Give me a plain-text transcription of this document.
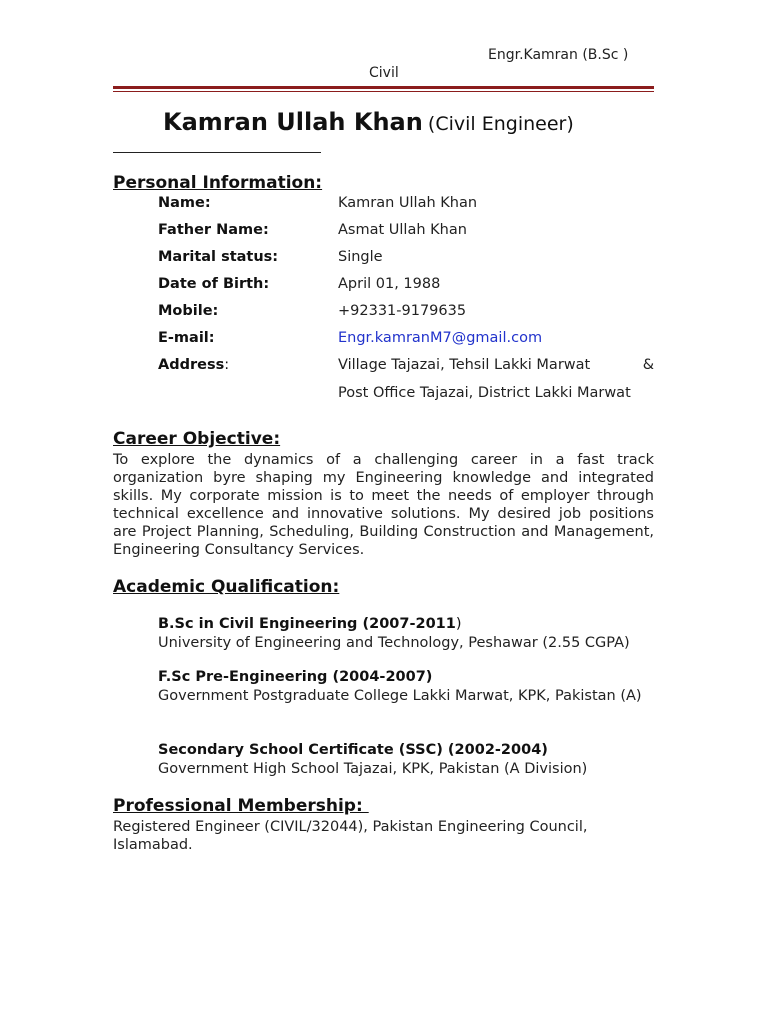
Engr.Kamran (B.Sc )
Civil
Kamran Ullah Khan (Civil Engineer)
Personal Information:
Name:	Kamran Ullah Khan
Father Name:	Asmat Ullah Khan
Marital status:	Single
Date of Birth:	April 01, 1988
Mobile:	+92331-9179635
E-mail:	Engr.kamranM7@gmail.com
Address:	Village Tajazai, Tehsil Lakki Marwat	&
Post Office Tajazai, District Lakki Marwat
Career Objective:
To explore the dynamics of a challenging career in a fast track organization byre shaping my Engineering knowledge and integrated skills. My corporate mission is to meet the needs of employer through technical excellence and innovative solutions. My desired job positions are Project Planning, Scheduling, Building Construction and Management, Engineering Consultancy Services.
Academic Qualification:
B.Sc in Civil Engineering (2007-2011)
University of Engineering and Technology, Peshawar (2.55 CGPA)
F.Sc Pre-Engineering (2004-2007)
Government Postgraduate College Lakki Marwat, KPK, Pakistan (A)
Secondary School Certificate (SSC) (2002-2004)
Government High School Tajazai, KPK, Pakistan (A Division)
Professional Membership:
Registered Engineer (CIVIL/32044), Pakistan Engineering Council, Islamabad.
